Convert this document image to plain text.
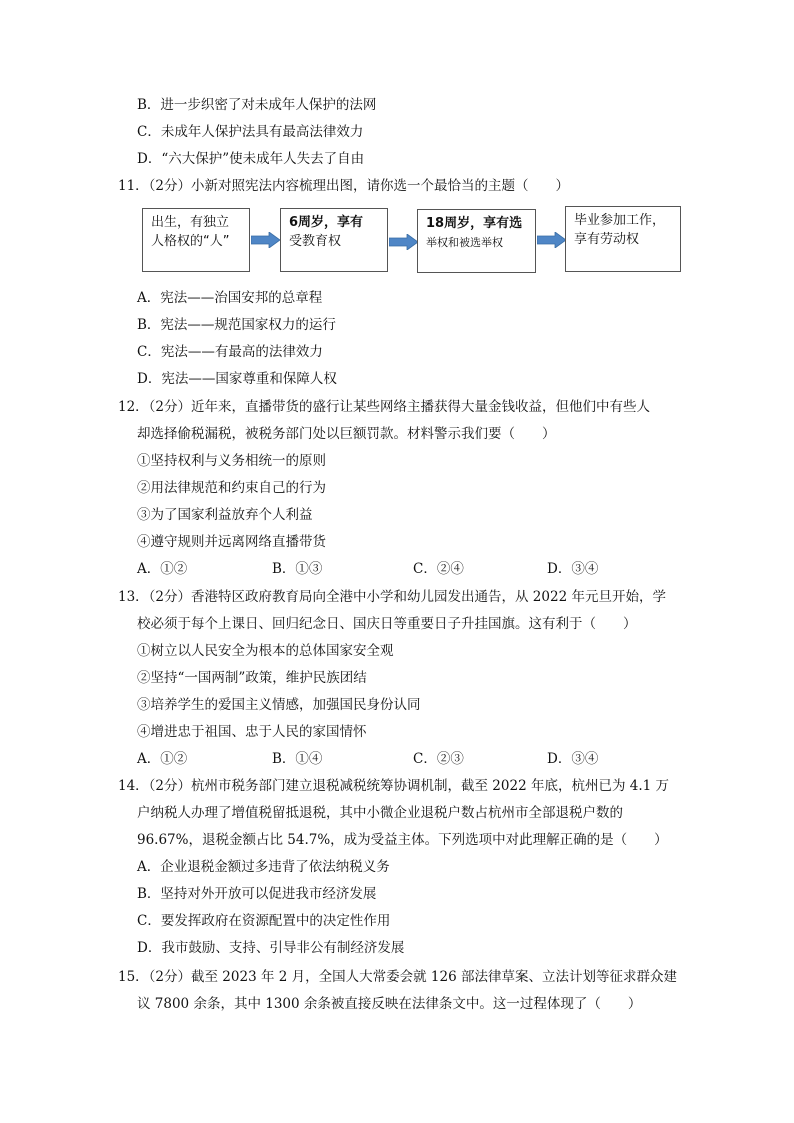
B．进一步织密了对未成年人保护的法网
C．未成年人保护法具有最高法律效力
D．“六大保护”使未成年人失去了自由
11．（2分）小新对照宪法内容梳理出图，请你选一个最恰当的主题（　　）
出生，有独立
人格权的“人”
6周岁，享有
受教育权
18周岁，享有选
举权和被选举权
毕业参加工作，
享有劳动权
A．宪法——治国安邦的总章程
B．宪法——规范国家权力的运行
C．宪法——有最高的法律效力
D．宪法——国家尊重和保障人权
12．（2分）近年来，直播带货的盛行让某些网络主播获得大量金钱收益，但他们中有些人
却选择偷税漏税，被税务部门处以巨额罚款。材料警示我们要（　　）
①坚持权利与义务相统一的原则
②用法律规范和约束自己的行为
③为了国家利益放弃个人利益
④遵守规则并远离网络直播带货
A．①②	B．①③	C．②④	D．③④
13．（2分）香港特区政府教育局向全港中小学和幼儿园发出通告，从 2022 年元旦开始，学
校必须于每个上课日、回归纪念日、国庆日等重要日子升挂国旗。这有利于（　　）
①树立以人民安全为根本的总体国家安全观
②坚持“一国两制”政策，维护民族团结
③培养学生的爱国主义情感，加强国民身份认同
④增进忠于祖国、忠于人民的家国情怀
A．①②	B．①④	C．②③	D．③④
14．（2分）杭州市税务部门建立退税减税统筹协调机制，截至 2022 年底，杭州已为 4.1 万
户纳税人办理了增值税留抵退税，其中小微企业退税户数占杭州市全部退税户数的
96.67%，退税金额占比 54.7%，成为受益主体。下列选项中对此理解正确的是（　　）
A．企业退税金额过多违背了依法纳税义务
B．坚持对外开放可以促进我市经济发展
C．要发挥政府在资源配置中的决定性作用
D．我市鼓励、支持、引导非公有制经济发展
15．（2分）截至 2023 年 2 月，全国人大常委会就 126 部法律草案、立法计划等征求群众建
议 7800 余条，其中 1300 余条被直接反映在法律条文中。这一过程体现了（　　）
